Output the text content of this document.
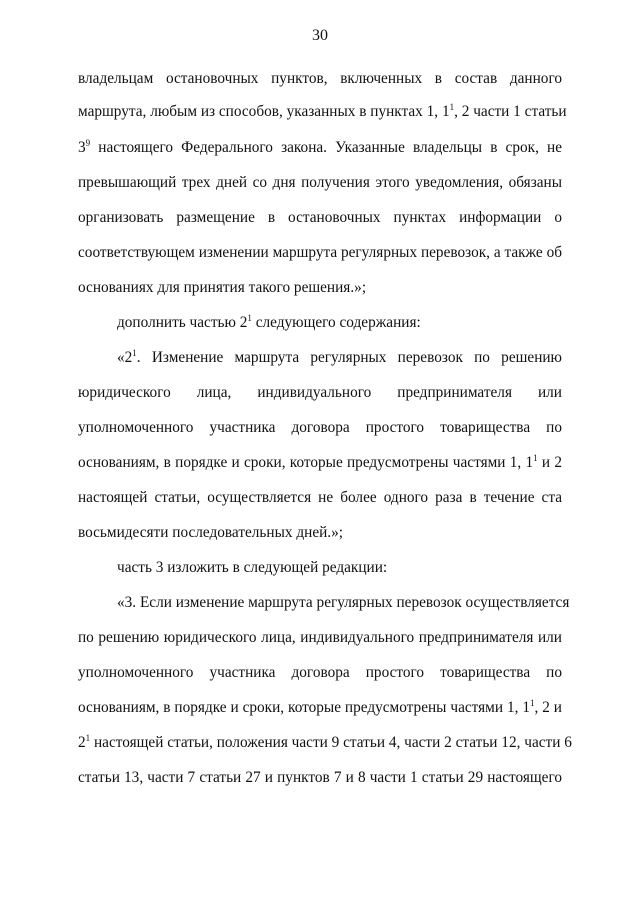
30
владельцам остановочных пунктов, включенных в состав данного
маршрута, любым из способов, указанных в пунктах 1, $1^1$, 2 части 1 статьи
$3^9$ настоящего Федерального закона. Указанные владельцы в срок, не
превышающий трех дней со дня получения этого уведомления, обязаны
организовать размещение в остановочных пунктах информации о
соответствующем изменении маршрута регулярных перевозок, а также об
основаниях для принятия такого решения.»;
дополнить частью $2^1$ следующего содержания:
«$2^1$. Изменение маршрута регулярных перевозок по решению
юридического лица, индивидуального предпринимателя или
уполномоченного участника договора простого товарищества по
основаниям, в порядке и сроки, которые предусмотрены частями 1, $1^1$ и 2
настоящей статьи, осуществляется не более одного раза в течение ста
восьмидесяти последовательных дней.»;
часть 3 изложить в следующей редакции:
«3. Если изменение маршрута регулярных перевозок осуществляется
по решению юридического лица, индивидуального предпринимателя или
уполномоченного участника договора простого товарищества по
основаниям, в порядке и сроки, которые предусмотрены частями 1, $1^1$, 2 и
$2^1$ настоящей статьи, положения части 9 статьи 4, части 2 статьи 12, части 6
статьи 13, части 7 статьи 27 и пунктов 7 и 8 части 1 статьи 29 настоящего
